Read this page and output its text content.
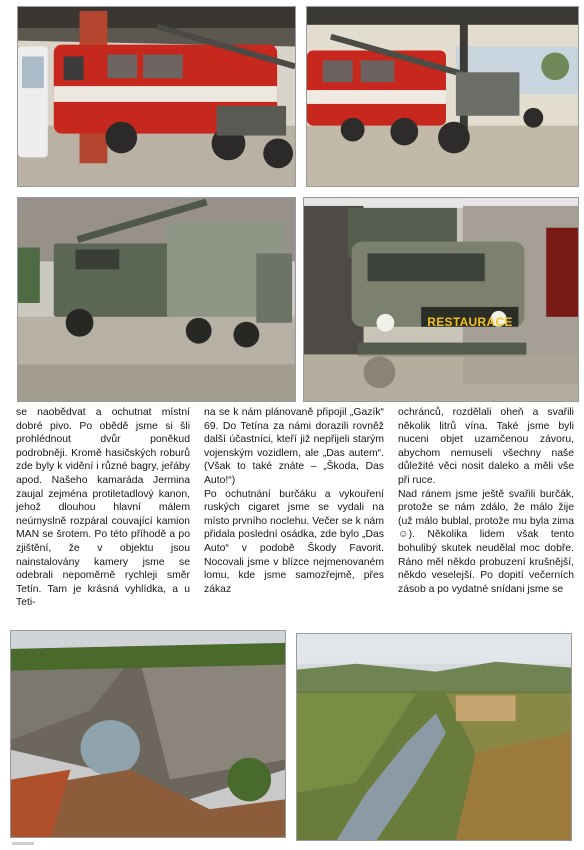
RESTAURACE

se naobědvat a ochutnat místní dobré pivo. Po obědě jsme si šli prohlédnout dvůr poněkud podrobněji. Kromě hasičských roburů zde byly k vidění i různé bagry, jeřáby apod. Našeho kamaráda Jermina zaujal zejména protiletadlový kanon, jehož dlouhou hlavní málem neúmyslně rozpáral couvající kamion MAN se šrotem. Po této příhodě a po zjištění, že v objektu jsou nainstalovány kamery jsme se odebrali nepoměrně rychleji směr Tetín. Tam je krásná vyhlídka, a u Teti-

na se k nám plánovaně připojil „Gazík“ 69. Do Tetína za námi dorazili rovněž další účastníci, kteří již nepřijeli starým vojenským vozidlem, ale „Das autem“. (Však to také znáte – „Škoda, Das Auto!“)

Po ochutnání burčáku a vykouření ruských cigaret jsme se vydali na místo prvního noclehu. Večer se k nám přidala poslední osádka, zde bylo „Das Auto“ v podobě Škody Favorit. Nocovali jsme v blízce nejmenovaném lomu, kde jsme samozřejmě, přes zákaz

ochránců, rozdělali oheň a svařili několik litrů vína. Také jsme byli nuceni objet uzamčenou závoru, abychom nemuseli všechny naše důležité věci nosit daleko a měli vše při ruce.

Nad ránem jsme ještě svařili burčák, protože se nám zdálo, že málo žije (už málo bublal, protože mu byla zima ☺). Několika lidem však tento bohulibý skutek neudělal moc dobře. Ráno měl někdo probuzení krušnější, někdo veselejší. Po dopití večerních zásob a po vydatné snídani jsme se
